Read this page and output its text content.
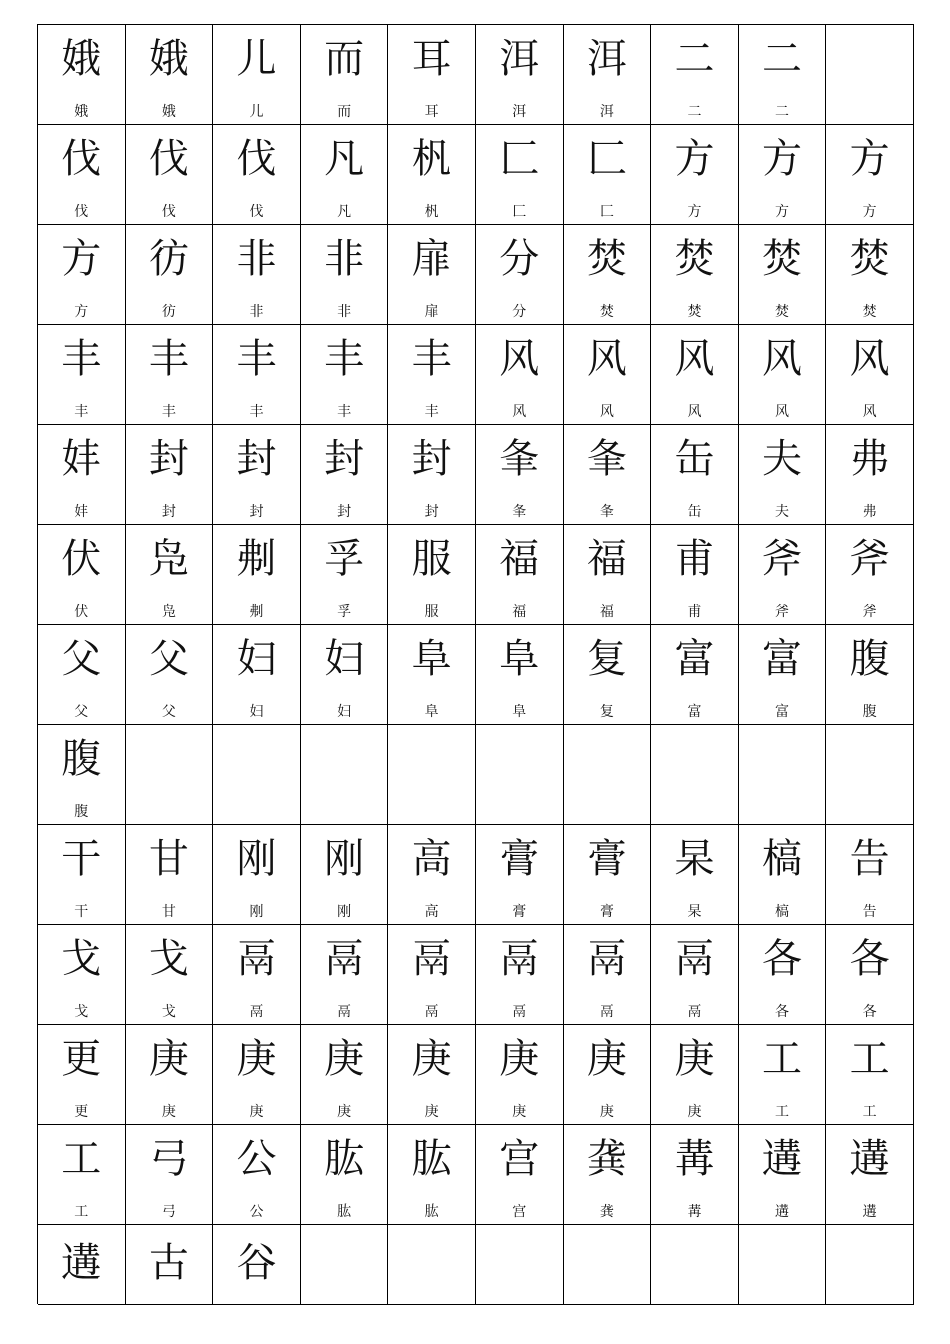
娥
娥
娥
娥
儿
儿
而
而
耳
耳
洱
洱
洱
洱
二
二
二
二
伐
伐
伐
伐
伐
伐
凡
凡
杋
杋
匚
匚
匚
匚
方
方
方
方
方
方
方
方
彷
彷
非
非
非
非
扉
扉
分
分
焚
焚
焚
焚
焚
焚
焚
焚
丰
丰
丰
丰
丰
丰
丰
丰
丰
丰
风
风
风
风
风
风
风
风
风
风
妦
妦
封
封
封
封
封
封
封
封
夆
夆
夆
夆
缶
缶
夫
夫
弗
弗
伏
伏
凫
凫
刜
刜
孚
孚
服
服
福
福
福
福
甫
甫
斧
斧
斧
斧
父
父
父
父
妇
妇
妇
妇
阜
阜
阜
阜
复
复
富
富
富
富
腹
腹
腹
腹
干
干
甘
甘
刚
刚
刚
刚
高
高
膏
膏
膏
膏
杲
杲
槁
槁
告
告
戈
戈
戈
戈
鬲
鬲
鬲
鬲
鬲
鬲
鬲
鬲
鬲
鬲
鬲
鬲
各
各
各
各
更
更
庚
庚
庚
庚
庚
庚
庚
庚
庚
庚
庚
庚
庚
庚
工
工
工
工
工
工
弓
弓
公
公
肱
肱
肱
肱
宫
宫
龚
龚
冓
冓
遘
遘
遘
遘
遘	古	谷
